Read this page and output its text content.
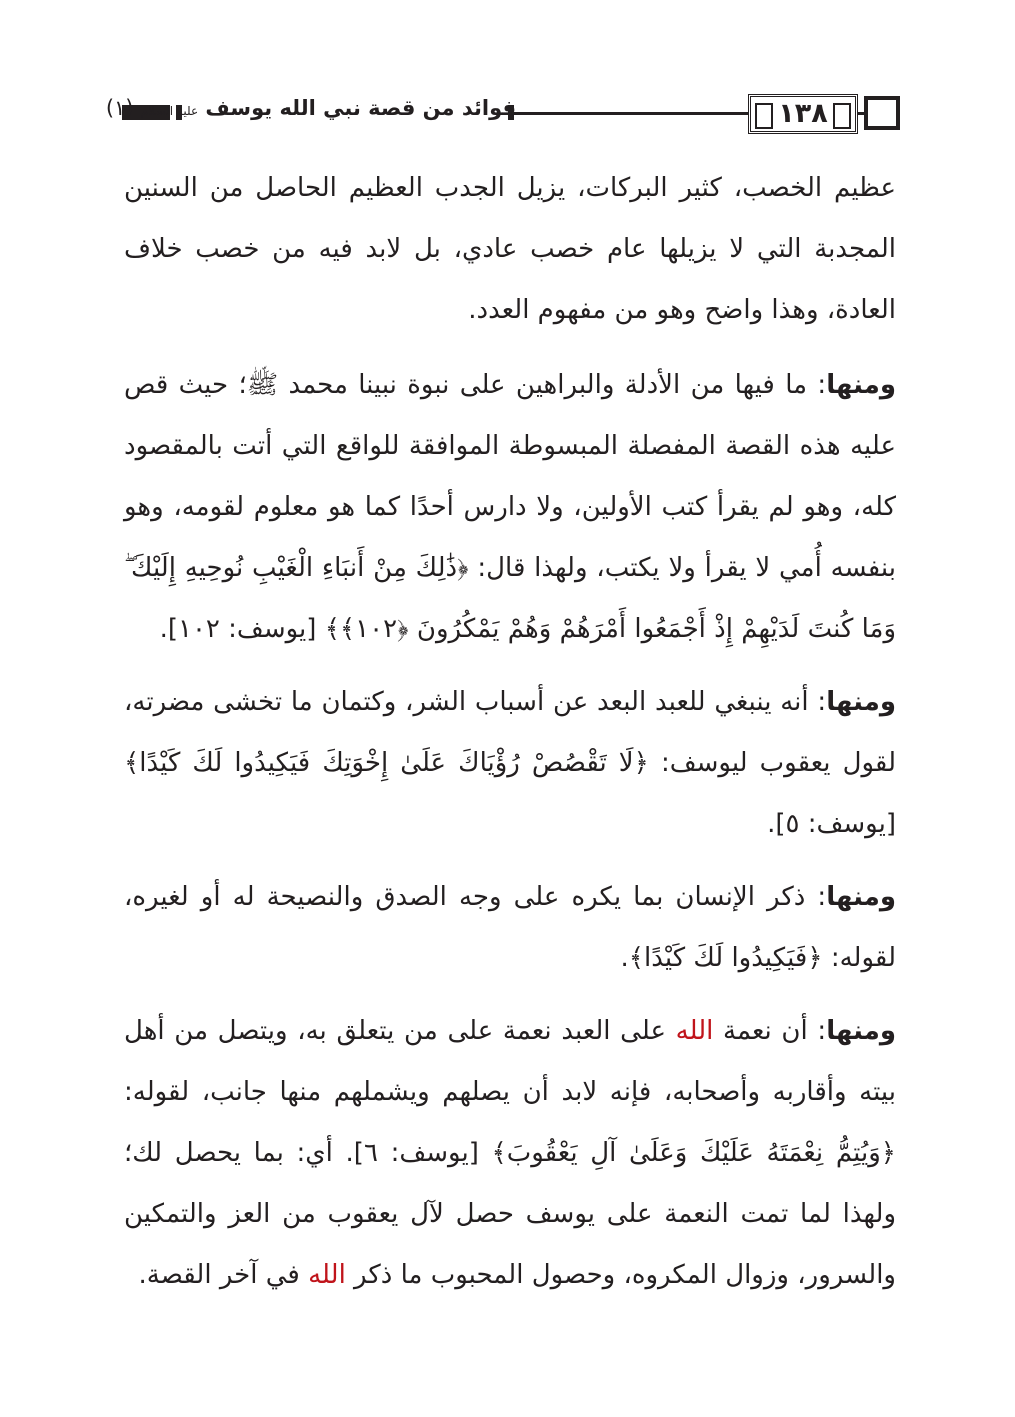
فوائد من قصة نبي الله يوسف عليه السلام (١)	١٣٨

عظيم الخصب، كثير البركات، يزيل الجدب العظيم الحاصل من السنين المجدبة التي لا يزيلها عام خصب عادي، بل لابد فيه من خصب خلاف العادة، وهذا واضح وهو من مفهوم العدد.

ومنها: ما فيها من الأدلة والبراهين على نبوة نبينا محمد ﷺ؛ حيث قص عليه هذه القصة المفصلة المبسوطة الموافقة للواقع التي أتت بالمقصود كله، وهو لم يقرأ كتب الأولين، ولا دارس أحدًا كما هو معلوم لقومه، وهو بنفسه أُمي لا يقرأ ولا يكتب، ولهذا قال: ﴿ذَٰلِكَ مِنْ أَنبَاءِ الْغَيْبِ نُوحِيهِ إِلَيْكَ ۖ وَمَا كُنتَ لَدَيْهِمْ إِذْ أَجْمَعُوا أَمْرَهُمْ وَهُمْ يَمْكُرُونَ ﴿١٠٢﴾﴾ [يوسف: ١٠٢].

ومنها: أنه ينبغي للعبد البعد عن أسباب الشر، وكتمان ما تخشى مضرته، لقول يعقوب ليوسف: ﴿لَا تَقْصُصْ رُؤْيَاكَ عَلَىٰ إِخْوَتِكَ فَيَكِيدُوا لَكَ كَيْدًا﴾ [يوسف: ٥].

ومنها: ذكر الإنسان بما يكره على وجه الصدق والنصيحة له أو لغيره، لقوله: ﴿فَيَكِيدُوا لَكَ كَيْدًا﴾.

ومنها: أن نعمة الله على العبد نعمة على من يتعلق به، ويتصل من أهل بيته وأقاربه وأصحابه، فإنه لابد أن يصلهم ويشملهم منها جانب، لقوله: ﴿وَيُتِمُّ نِعْمَتَهُ عَلَيْكَ وَعَلَىٰ آلِ يَعْقُوبَ﴾ [يوسف: ٦]. أي: بما يحصل لك؛ ولهذا لما تمت النعمة على يوسف حصل لآل يعقوب من العز والتمكين والسرور، وزوال المكروه، وحصول المحبوب ما ذكر الله في آخر القصة.
